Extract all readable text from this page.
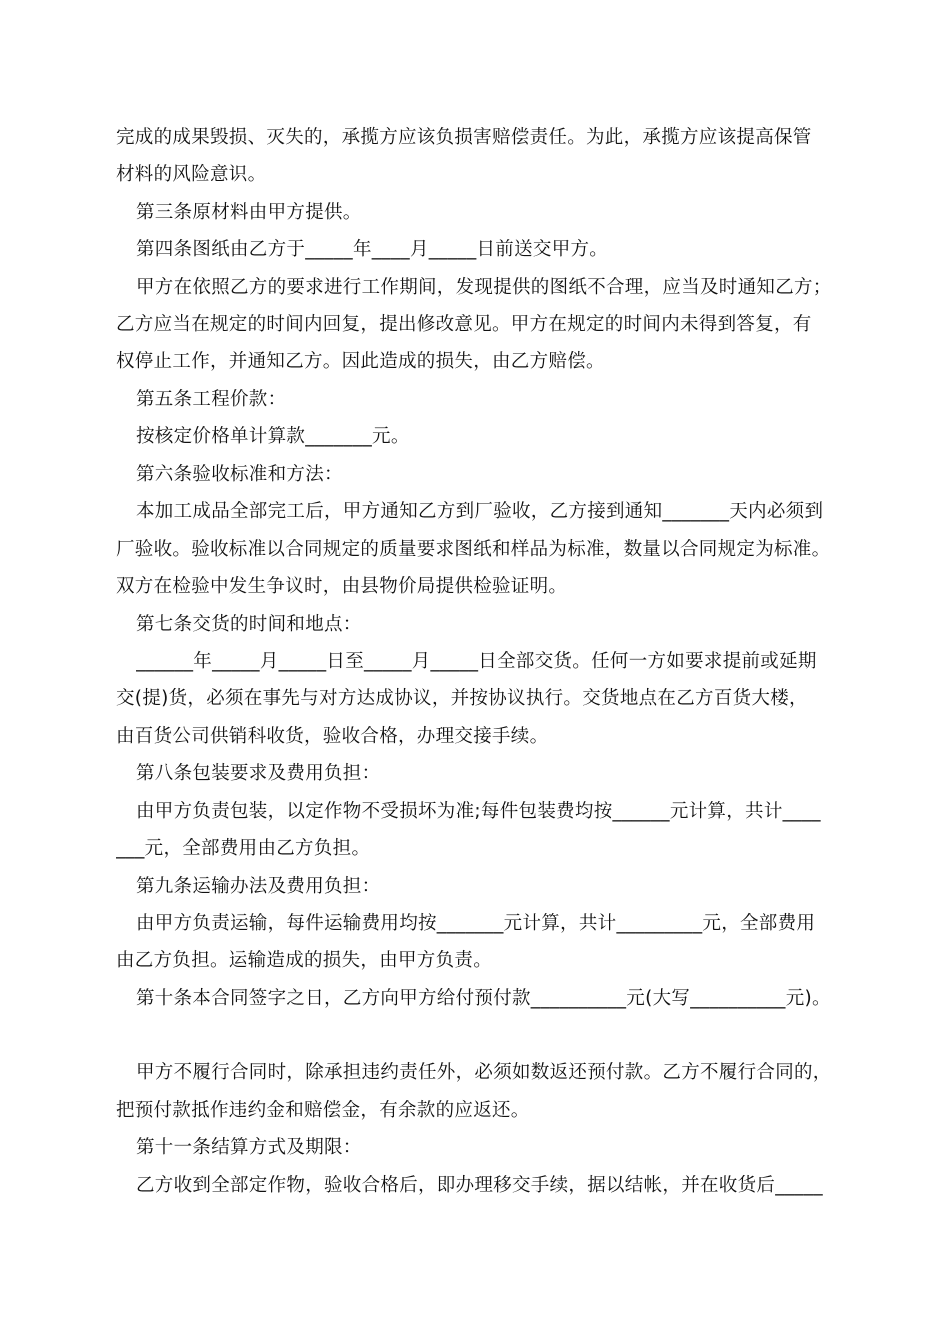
完成的成果毁损、灭失的，承揽方应该负损害赔偿责任。为此，承揽方应该提高保管
材料的风险意识。
第三条原材料由甲方提供。
第四条图纸由乙方于_____年____月_____日前送交甲方。
甲方在依照乙方的要求进行工作期间，发现提供的图纸不合理，应当及时通知乙方；
乙方应当在规定的时间内回复，提出修改意见。甲方在规定的时间内未得到答复，有
权停止工作，并通知乙方。因此造成的损失，由乙方赔偿。
第五条工程价款：
按核定价格单计算款_______元。
第六条验收标准和方法：
本加工成品全部完工后，甲方通知乙方到厂验收，乙方接到通知_______天内必须到
厂验收。验收标准以合同规定的质量要求图纸和样品为标准，数量以合同规定为标准。
双方在检验中发生争议时，由县物价局提供检验证明。
第七条交货的时间和地点：
______年_____月_____日至_____月_____日全部交货。任何一方如要求提前或延期
交(提)货，必须在事先与对方达成协议，并按协议执行。交货地点在乙方百货大楼，
由百货公司供销科收货，验收合格，办理交接手续。
第八条包装要求及费用负担：
由甲方负责包装，以定作物不受损坏为准;每件包装费均按______元计算，共计____
___元，全部费用由乙方负担。
第九条运输办法及费用负担：
由甲方负责运输，每件运输费用均按_______元计算，共计_________元，全部费用
由乙方负担。运输造成的损失，由甲方负责。
第十条本合同签字之日，乙方向甲方给付预付款__________元(大写__________元)。
甲方不履行合同时，除承担违约责任外，必须如数返还预付款。乙方不履行合同的，
把预付款抵作违约金和赔偿金，有余款的应返还。
第十一条结算方式及期限：
乙方收到全部定作物，验收合格后，即办理移交手续，据以结帐，并在收货后_____
